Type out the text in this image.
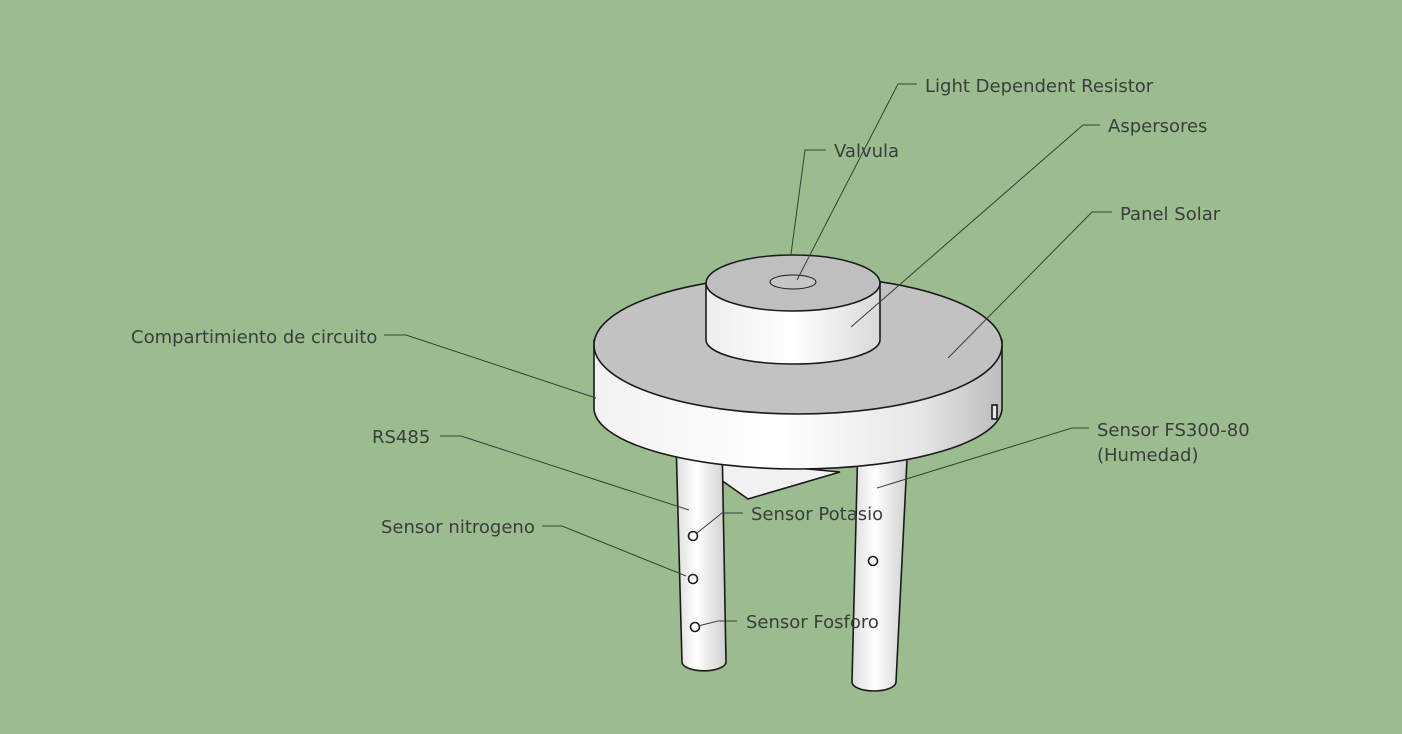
Light Dependent Resistor
Valvula
Aspersores
Panel Solar
Compartimiento de circuito
RS485	Sensor FS300-80
(Humedad)
Sensor nitrogeno
Sensor Potasio
Sensor Fosforo
